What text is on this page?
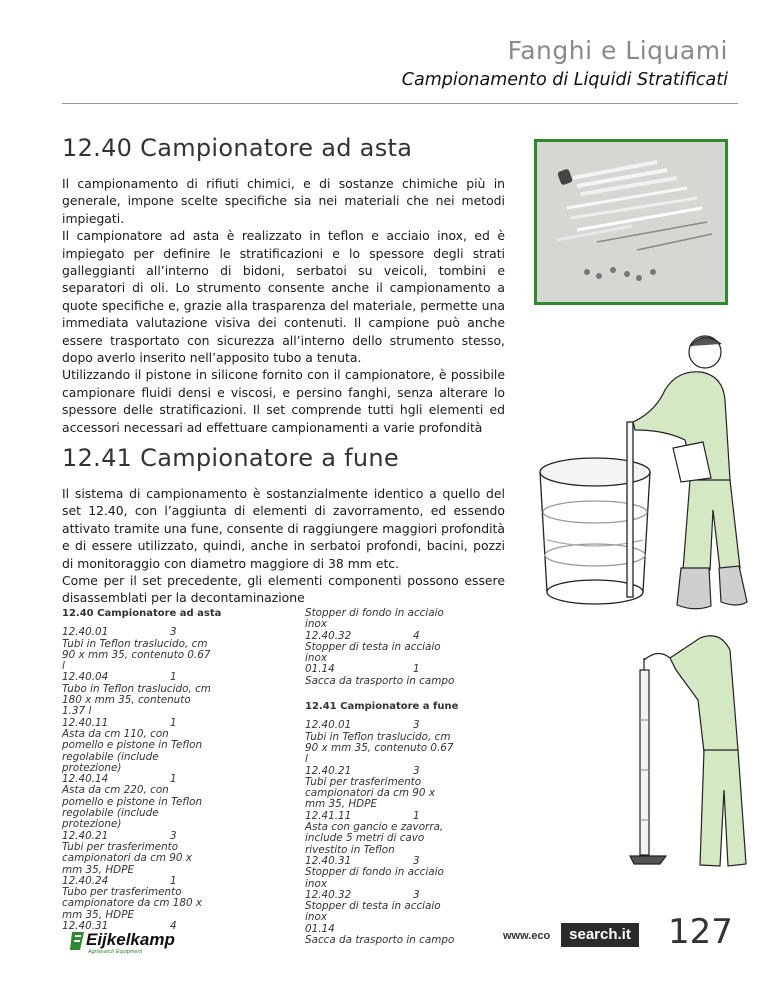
Fanghi e Liquami
Campionamento di Liquidi Stratificati
12.40 Campionatore ad asta

Il campionamento di rifiuti chimici, e di sostanze chimiche più in generale, impone scelte specifiche sia nei materiali che nei metodi impiegati.

Il campionatore ad asta è realizzato in teflon e acciaio inox, ed è impiegato per definire le stratificazioni e lo spessore degli strati galleggianti all’interno di bidoni, serbatoi su veicoli, tombini e separatori di oli. Lo strumento consente anche il campionamento a quote specifiche e, grazie alla trasparenza del materiale, permette una immediata valutazione visiva dei contenuti. Il campione può anche essere trasportato con sicurezza all’interno dello strumento stesso, dopo averlo inserito nell’apposito tubo a tenuta.

Utilizzando il pistone in silicone fornito con il campionatore, è possibile campionare fluidi densi e viscosi, e persino fanghi, senza alterare lo spessore delle stratificazioni. Il set comprende tutti hgli elementi ed accessori necessari ad effettuare campionamenti a varie profondità

12.41 Campionatore a fune

Il sistema di campionamento è sostanzialmente identico a quello del set 12.40, con l’aggiunta di elementi di zavorramento, ed essendo attivato tramite una fune, consente di raggiungere maggiori profondità e di essere utilizzato, quindi, anche in serbatoi profondi, bacini, pozzi di monitoraggio con diametro maggiore di 38 mm etc.

Come per il set precedente, gli elementi componenti possono essere disassemblati per la decontaminazione

12.40 Campionatore ad asta
12.40.01	3
Tubi in Teflon traslucido, cm 90 x mm 35, contenuto 0.67 l
12.40.04	1
Tubo in Teflon traslucido, cm 180 x mm 35, contenuto 1.37 l
12.40.11	1
Asta da cm 110, con pomello e pistone in Teflon regolabile (include protezione)
12.40.14	1
Asta da cm 220, con pomello e pistone in Teflon regolabile (include protezione)
12.40.21	3
Tubi per trasferimento campionatori da cm 90 x mm 35, HDPE
12.40.24	1
Tubo per trasferimento campionatore da cm 180 x mm 35, HDPE
12.40.31	4
Stopper di fondo in acciaio inox
12.40.32	4
Stopper di testa in acciaio inox
01.14	1
Sacca da trasporto in campo
12.41 Campionatore a fune
12.40.01	3
Tubi in Teflon traslucido, cm 90 x mm 35, contenuto 0.67 l
12.40.21	3
Tubi per trasferimento campionatori da cm 90 x mm 35, HDPE
12.41.11	1
Asta con gancio e zavorra, include 5 metri di cavo rivestito in Teflon
12.40.31	3
Stopper di fondo in acciaio inox
12.40.32	3
Stopper di testa in acciaio inox
01.14
Sacca da trasporto in campo
Eijkelkamp
Agrisearch Equipment
www.eco	search.it 127
